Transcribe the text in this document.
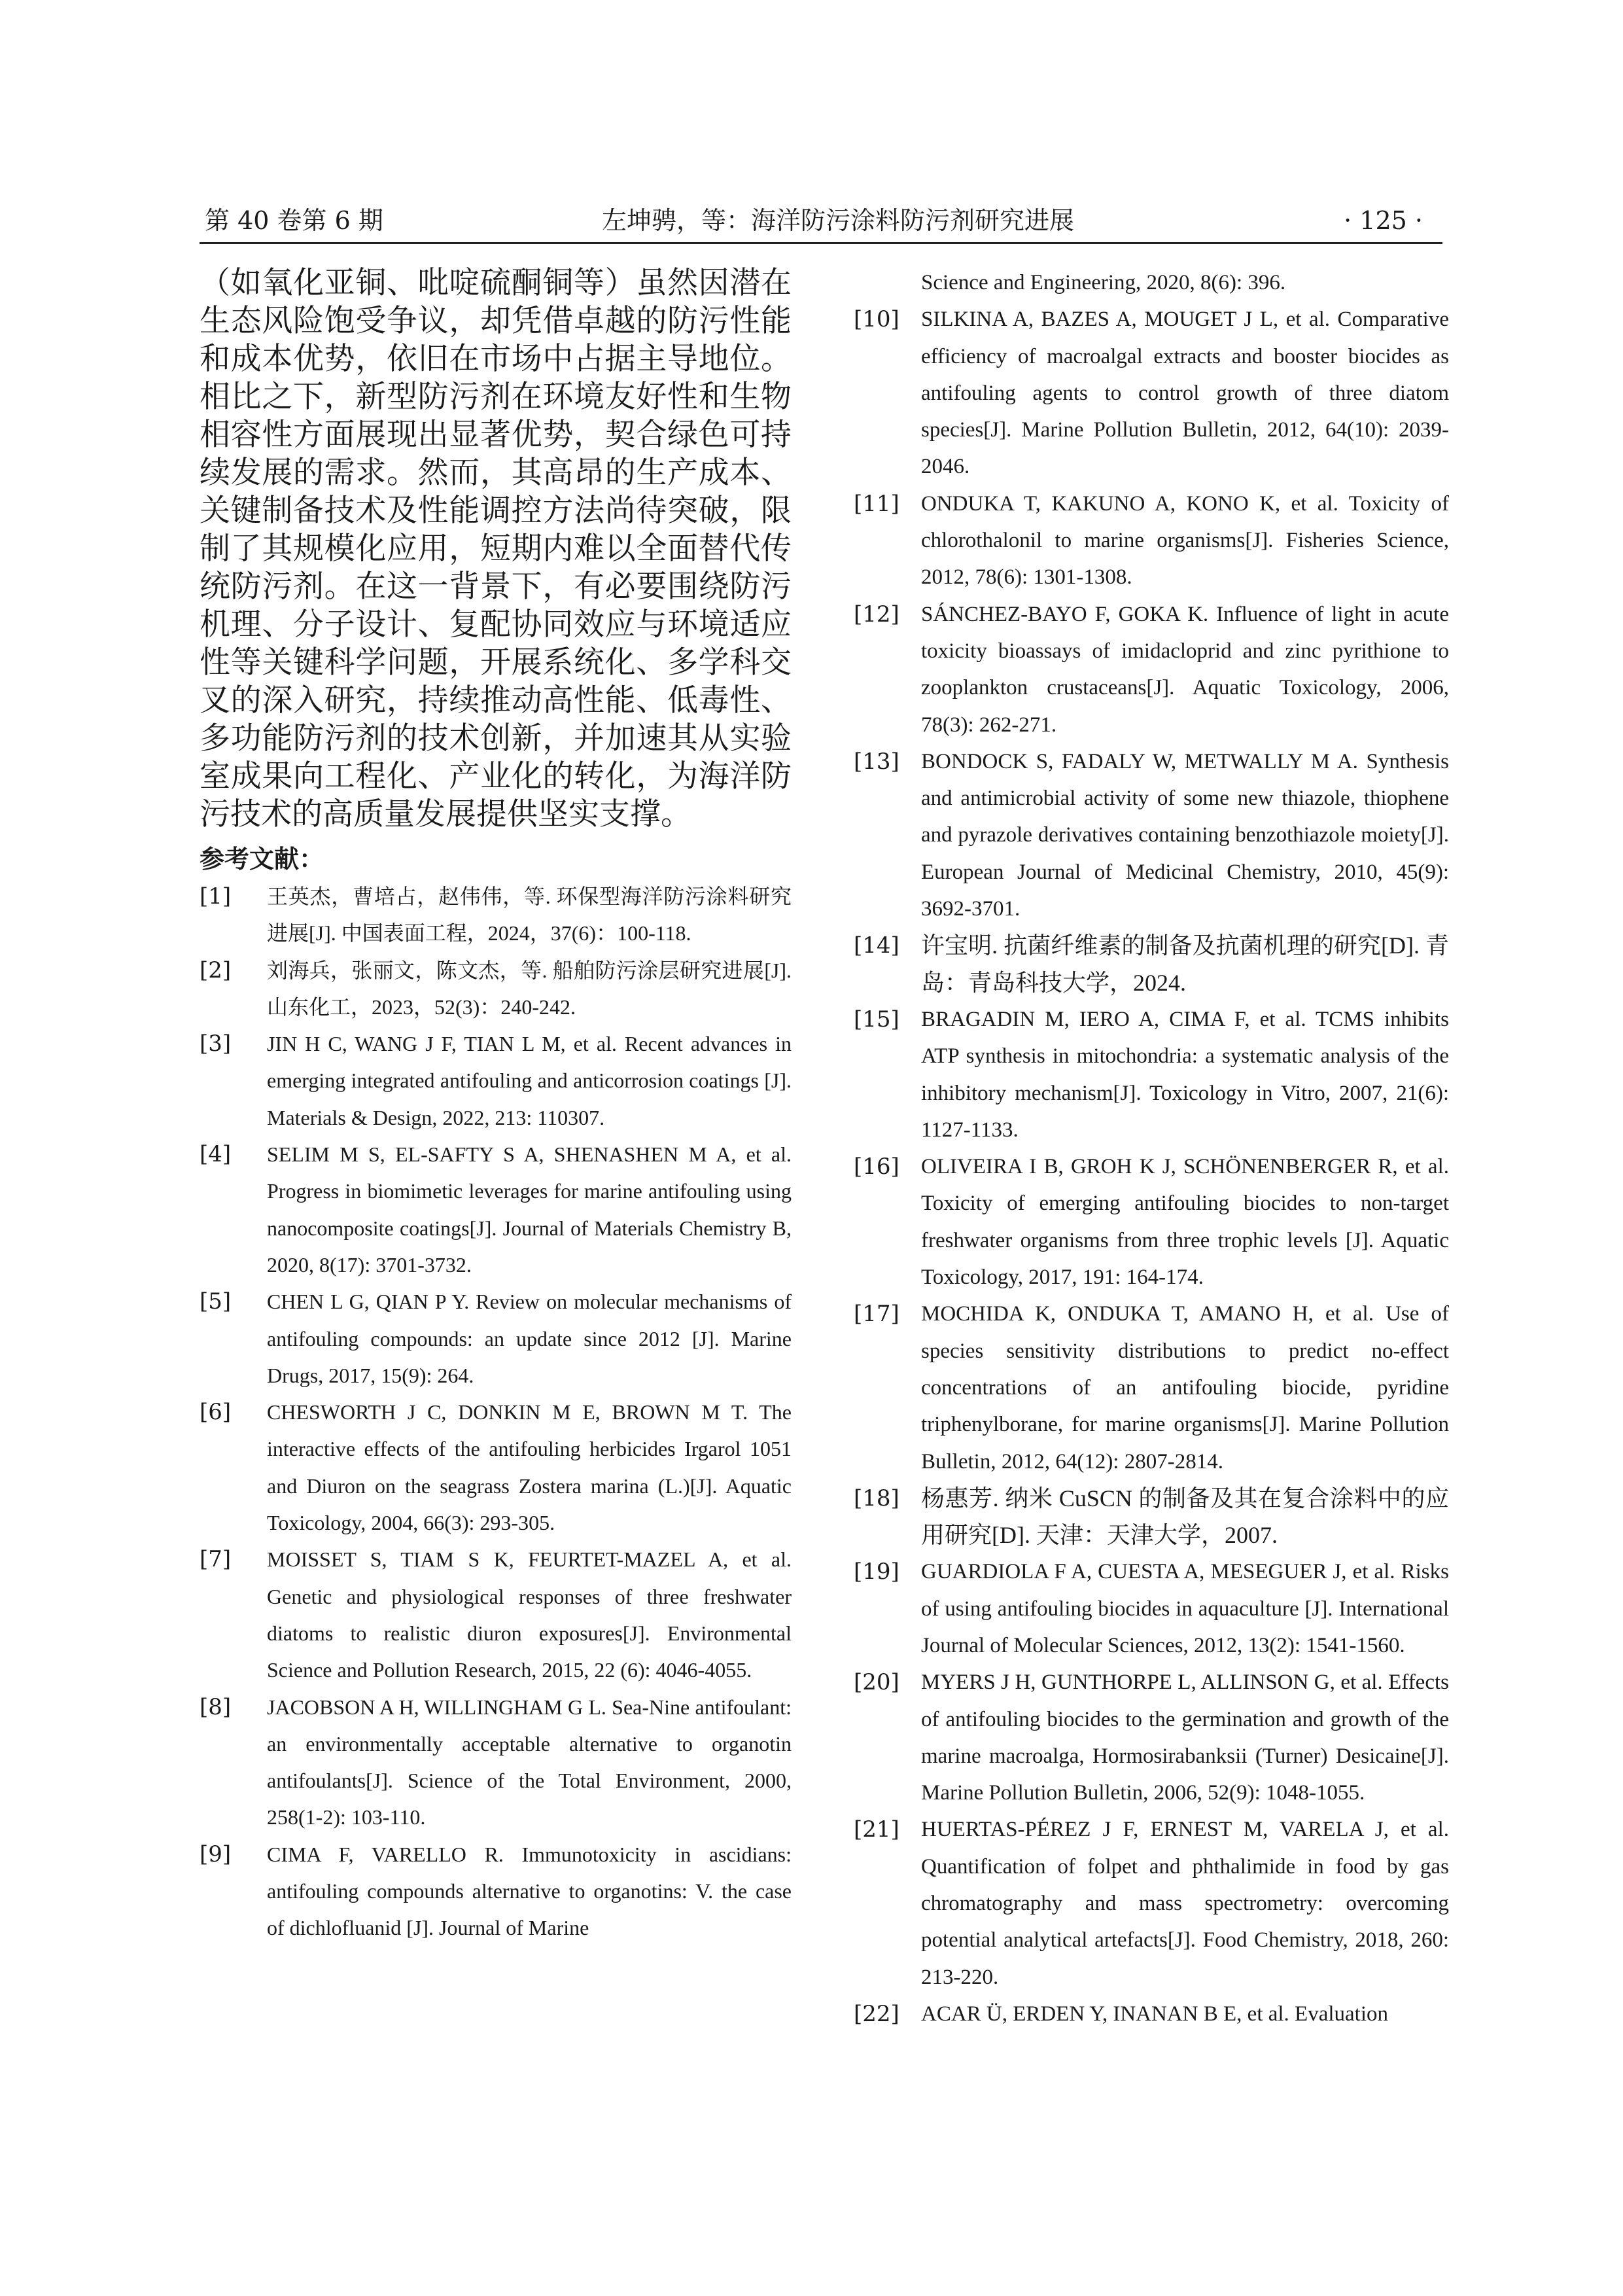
第 40 卷第 6 期	左坤骋，等：海洋防污涂料防污剂研究进展	· 125 ·

（如氧化亚铜、吡啶硫酮铜等）虽然因潜在生态风险饱受争议，却凭借卓越的防污性能和成本优势，依旧在市场中占据主导地位。相比之下，新型防污剂在环境友好性和生物相容性方面展现出显著优势，契合绿色可持续发展的需求。然而，其高昂的生产成本、关键制备技术及性能调控方法尚待突破，限制了其规模化应用，短期内难以全面替代传统防污剂。在这一背景下，有必要围绕防污机理、分子设计、复配协同效应与环境适应性等关键科学问题，开展系统化、多学科交叉的深入研究，持续推动高性能、低毒性、多功能防污剂的技术创新，并加速其从实验室成果向工程化、产业化的转化，为海洋防污技术的高质量发展提供坚实支撑。

参考文献：
[1] 王英杰，曹培占，赵伟伟，等. 环保型海洋防污涂料研究进展[J]. 中国表面工程，2024，37(6)：100-118.

[2] 刘海兵，张丽文，陈文杰，等. 船舶防污涂层研究进展[J]. 山东化工，2023，52(3)：240-242.

[3] JIN H C, WANG J F, TIAN L M, et al. Recent advances in emerging integrated antifouling and anticorrosion coatings [J]. Materials & Design, 2022, 213: 110307.

[4] SELIM M S, EL-SAFTY S A, SHENASHEN M A, et al. Progress in biomimetic leverages for marine antifouling using nanocomposite coatings[J]. Journal of Materials Chemistry B, 2020, 8(17): 3701-3732.

[5] CHEN L G, QIAN P Y. Review on molecular mechanisms of antifouling compounds: an update since 2012 [J]. Marine Drugs, 2017, 15(9): 264.

[6] CHESWORTH J C, DONKIN M E, BROWN M T. The interactive effects of the antifouling herbicides Irgarol 1051 and Diuron on the seagrass Zostera marina (L.)[J]. Aquatic Toxicology, 2004, 66(3): 293-305.

[7] MOISSET S, TIAM S K, FEURTET-MAZEL A, et al. Genetic and physiological responses of three freshwater diatoms to realistic diuron exposures[J]. Environmental Science and Pollution Research, 2015, 22 (6): 4046-4055.

[8] JACOBSON A H, WILLINGHAM G L. Sea-Nine antifoulant: an environmentally acceptable alternative to organotin antifoulants[J]. Science of the Total Environment, 2000, 258(1-2): 103-110.

[9] CIMA F, VARELLO R. Immunotoxicity in ascidians: antifouling compounds alternative to organotins: V. the case of dichlofluanid [J]. Journal of Marine

Science and Engineering, 2020, 8(6): 396.

[10] SILKINA A, BAZES A, MOUGET J L, et al. Comparative efficiency of macroalgal extracts and booster biocides as antifouling agents to control growth of three diatom species[J]. Marine Pollution Bulletin, 2012, 64(10): 2039-2046.

[11] ONDUKA T, KAKUNO A, KONO K, et al. Toxicity of chlorothalonil to marine organisms[J]. Fisheries Science, 2012, 78(6): 1301-1308.

[12] SÁNCHEZ-BAYO F, GOKA K. Influence of light in acute toxicity bioassays of imidacloprid and zinc pyrithione to zooplankton crustaceans[J]. Aquatic Toxicology, 2006, 78(3): 262-271.

[13] BONDOCK S, FADALY W, METWALLY M A. Synthesis and antimicrobial activity of some new thiazole, thiophene and pyrazole derivatives containing benzothiazole moiety[J]. European Journal of Medicinal Chemistry, 2010, 45(9): 3692-3701.

[14] 许宝明. 抗菌纤维素的制备及抗菌机理的研究[D]. 青岛：青岛科技大学，2024.

[15] BRAGADIN M, IERO A, CIMA F, et al. TCMS inhibits ATP synthesis in mitochondria: a systematic analysis of the inhibitory mechanism[J]. Toxicology in Vitro, 2007, 21(6): 1127-1133.

[16] OLIVEIRA I B, GROH K J, SCHÖNENBERGER R, et al. Toxicity of emerging antifouling biocides to non-target freshwater organisms from three trophic levels [J]. Aquatic Toxicology, 2017, 191: 164-174.

[17] MOCHIDA K, ONDUKA T, AMANO H, et al. Use of species sensitivity distributions to predict no-effect concentrations of an antifouling biocide, pyridine triphenylborane, for marine organisms[J]. Marine Pollution Bulletin, 2012, 64(12): 2807-2814.

[18] 杨惠芳. 纳米 CuSCN 的制备及其在复合涂料中的应用研究[D]. 天津：天津大学，2007.

[19] GUARDIOLA F A, CUESTA A, MESEGUER J, et al. Risks of using antifouling biocides in aquaculture [J]. International Journal of Molecular Sciences, 2012, 13(2): 1541-1560.

[20] MYERS J H, GUNTHORPE L, ALLINSON G, et al. Effects of antifouling biocides to the germination and growth of the marine macroalga, Hormosirabanksii (Turner) Desicaine[J]. Marine Pollution Bulletin, 2006, 52(9): 1048-1055.

[21] HUERTAS-PÉREZ J F, ERNEST M, VARELA J, et al. Quantification of folpet and phthalimide in food by gas chromatography and mass spectrometry: overcoming potential analytical artefacts[J]. Food Chemistry, 2018, 260: 213-220.

[22] ACAR Ü, ERDEN Y, INANAN B E, et al. Evaluation
